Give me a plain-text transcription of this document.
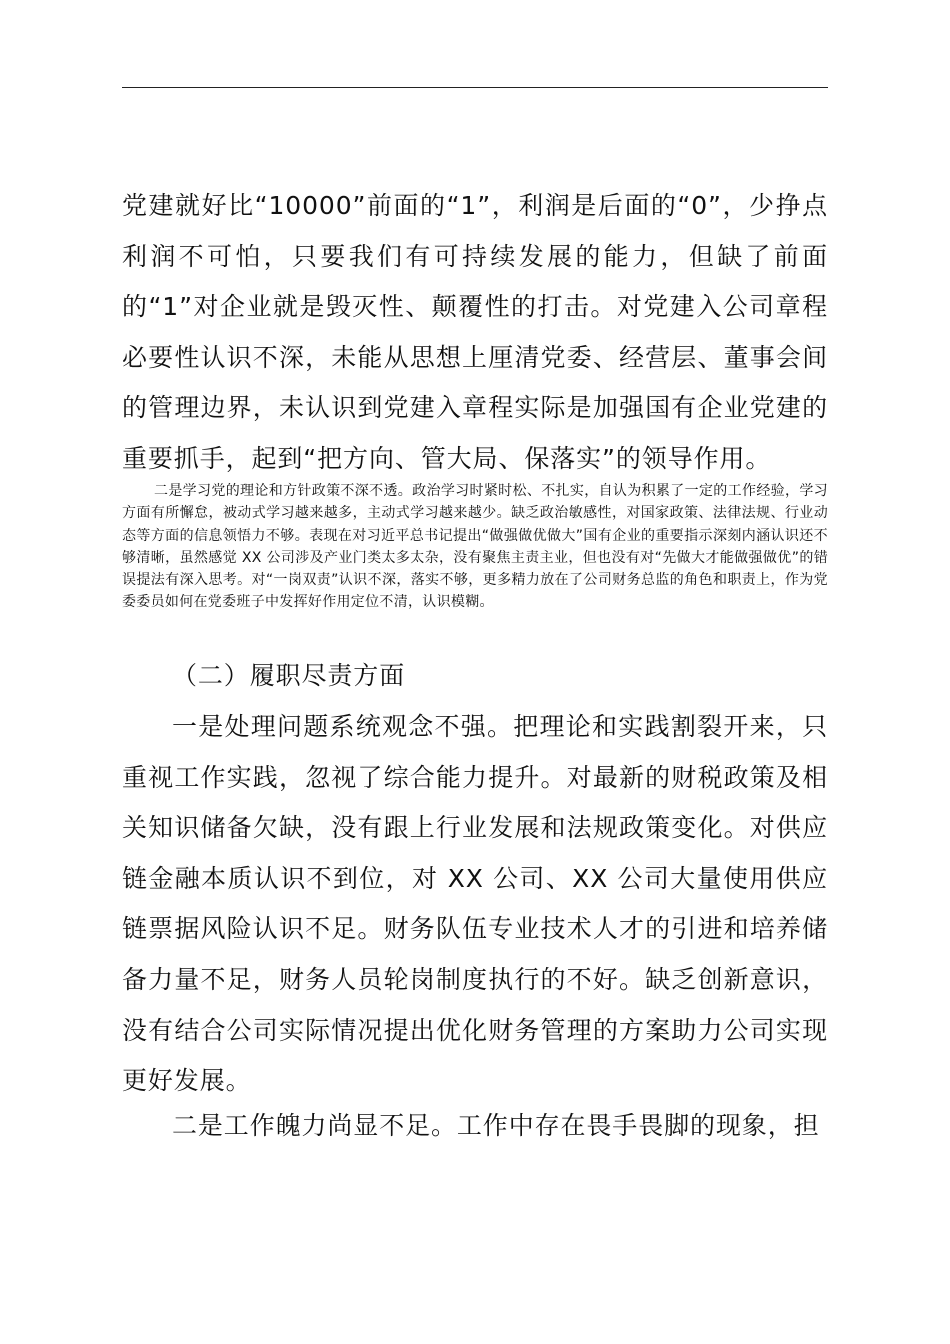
党建就好比“10000”前面的“1”，利润是后面的“0”，少挣点利润不可怕，只要我们有可持续发展的能力，但缺了前面的“1”对企业就是毁灭性、颠覆性的打击。对党建入公司章程必要性认识不深，未能从思想上厘清党委、经营层、董事会间的管理边界，未认识到党建入章程实际是加强国有企业党建的重要抓手，起到“把方向、管大局、保落实”的领导作用。

二是学习党的理论和方针政策不深不透。政治学习时紧时松、不扎实，自认为积累了一定的工作经验，学习方面有所懈怠，被动式学习越来越多，主动式学习越来越少。缺乏政治敏感性，对国家政策、法律法规、行业动态等方面的信息领悟力不够。表现在对习近平总书记提出“做强做优做大”国有企业的重要指示深刻内涵认识还不够清晰，虽然感觉 XX 公司涉及产业门类太多太杂，没有聚焦主责主业，但也没有对“先做大才能做强做优”的错误提法有深入思考。对“一岗双责”认识不深，落实不够，更多精力放在了公司财务总监的角色和职责上，作为党委委员如何在党委班子中发挥好作用定位不清，认识模糊。

（二）履职尽责方面

一是处理问题系统观念不强。把理论和实践割裂开来，只重视工作实践，忽视了综合能力提升。对最新的财税政策及相关知识储备欠缺，没有跟上行业发展和法规政策变化。对供应链金融本质认识不到位，对 XX 公司、XX 公司大量使用供应链票据风险认识不足。财务队伍专业技术人才的引进和培养储备力量不足，财务人员轮岗制度执行的不好。缺乏创新意识，没有结合公司实际情况提出优化财务管理的方案助力公司实现更好发展。

二是工作魄力尚显不足。工作中存在畏手畏脚的现象，担
